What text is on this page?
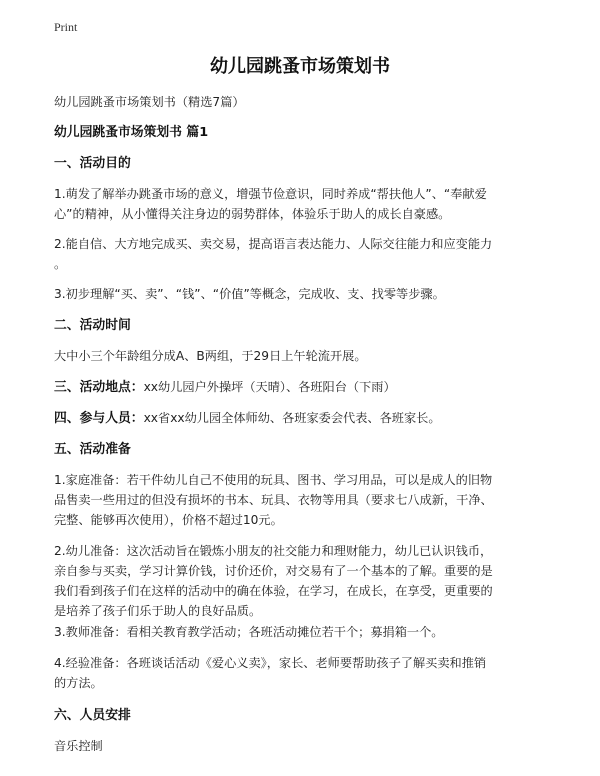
Print
幼儿园跳蚤市场策划书
幼儿园跳蚤市场策划书（精选7篇）
幼儿园跳蚤市场策划书 篇1
一、活动目的
1.萌发了解举办跳蚤市场的意义，增强节俭意识，同时养成“帮扶他人”、“奉献爱
心”的精神，从小懂得关注身边的弱势群体，体验乐于助人的成长自豪感。
2.能自信、大方地完成买、卖交易，提高语言表达能力、人际交往能力和应变能力
。
3.初步理解“买、卖”、“钱”、“价值”等概念，完成收、支、找零等步骤。
二、活动时间
大中小三个年龄组分成A、B两组，于29日上午轮流开展。
三、活动地点：xx幼儿园户外操坪（天晴）、各班阳台（下雨）
四、参与人员：xx省xx幼儿园全体师幼、各班家委会代表、各班家长。
五、活动准备
1.家庭准备：若干件幼儿自己不使用的玩具、图书、学习用品，可以是成人的旧物
品售卖一些用过的但没有损坏的书本、玩具、衣物等用具（要求七八成新，干净、
完整、能够再次使用），价格不超过10元。
2.幼儿准备：这次活动旨在锻炼小朋友的社交能力和理财能力，幼儿已认识钱币，
亲自参与买卖，学习计算价钱，讨价还价，对交易有了一个基本的了解。重要的是
我们看到孩子们在这样的活动中的确在体验，在学习，在成长，在享受，更重要的
是培养了孩子们乐于助人的良好品质。
3.教师准备：看相关教育教学活动；各班活动摊位若干个；募捐箱一个。
4.经验准备：各班谈话活动《爱心义卖》，家长、老师要帮助孩子了解买卖和推销
的方法。
六、人员安排
音乐控制
